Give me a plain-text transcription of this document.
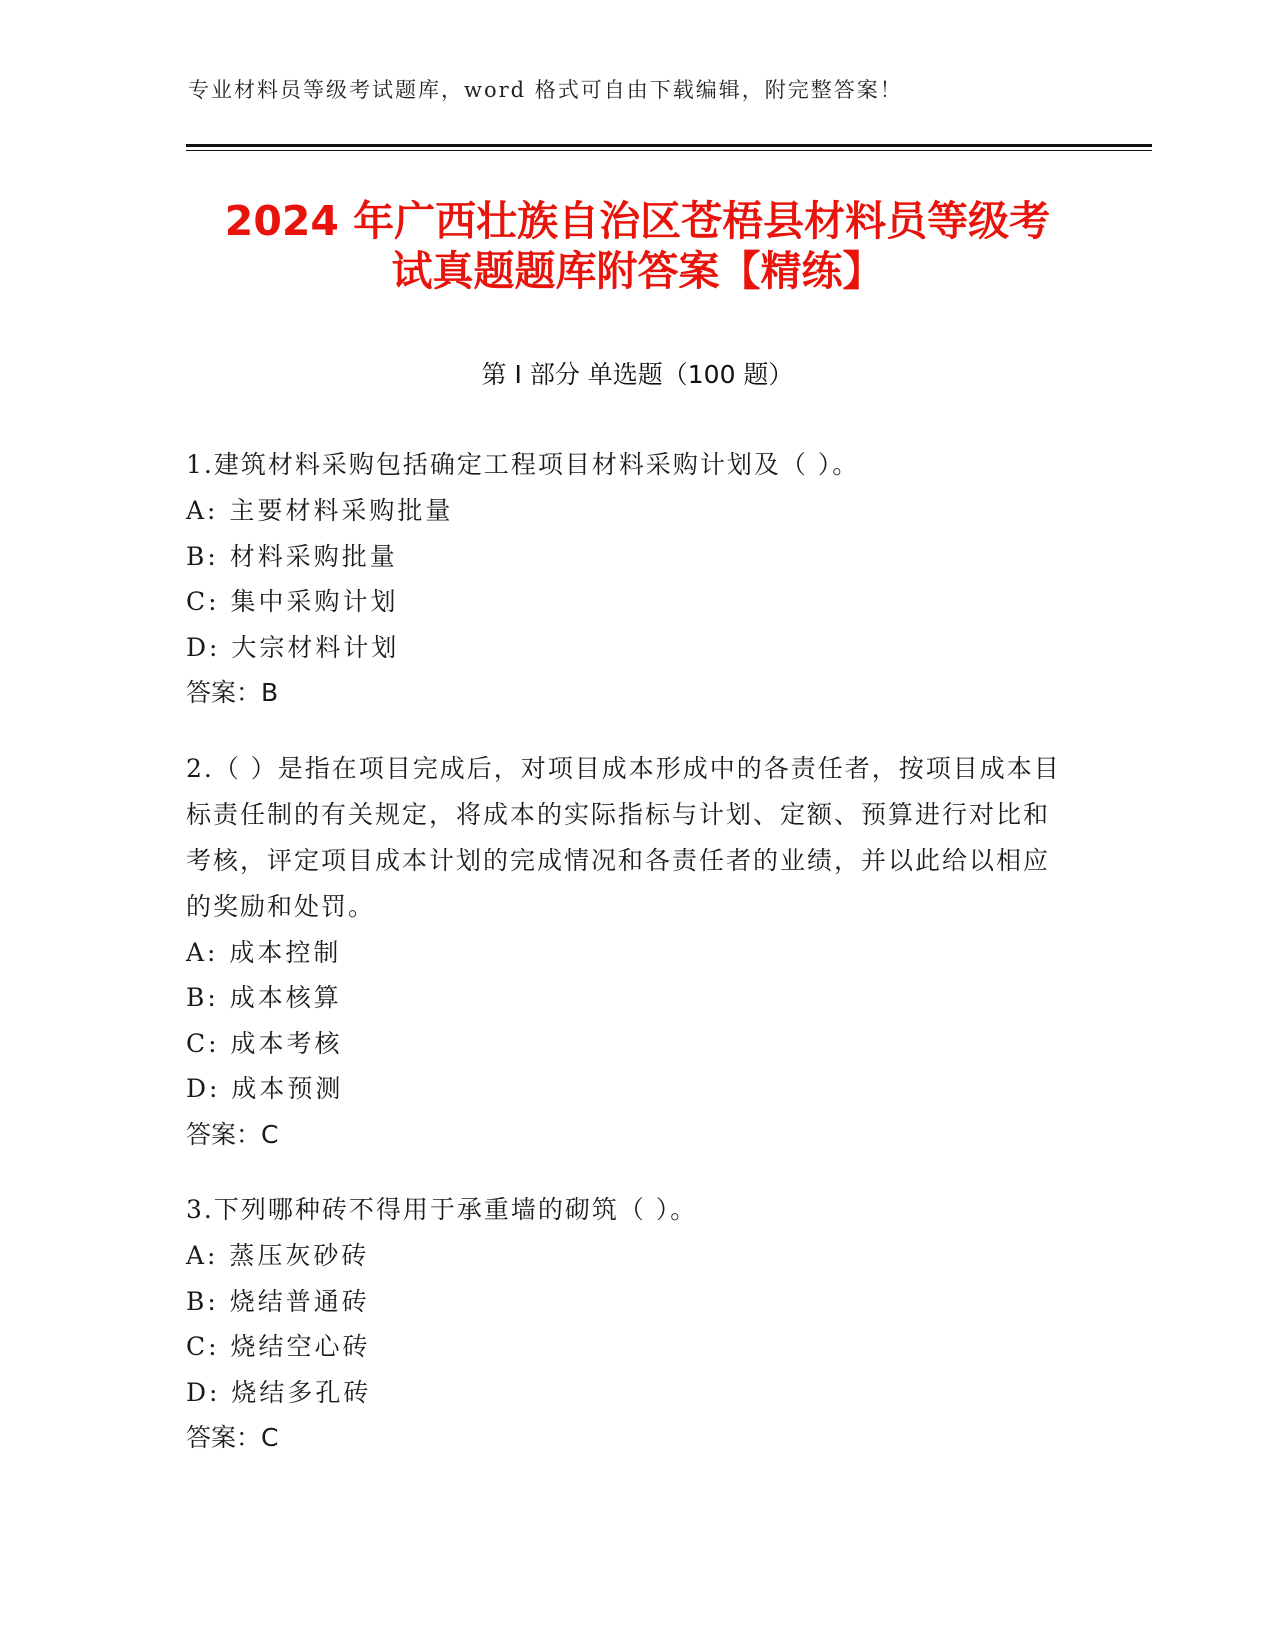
专业材料员等级考试题库，word 格式可自由下载编辑，附完整答案！
2024 年广西壮族自治区苍梧县材料员等级考
试真题题库附答案【精练】
第 I 部分 单选题（100 题）

1.建筑材料采购包括确定工程项目材料采购计划及（ ）。

A: 主要材料采购批量

B: 材料采购批量

C: 集中采购计划

D: 大宗材料计划

答案：B

2.（ ）是指在项目完成后，对项目成本形成中的各责任者，按项目成本目标责任制的有关规定，将成本的实际指标与计划、定额、预算进行对比和考核，评定项目成本计划的完成情况和各责任者的业绩，并以此给以相应的奖励和处罚。

A: 成本控制

B: 成本核算

C: 成本考核

D: 成本预测

答案：C

3.下列哪种砖不得用于承重墙的砌筑（ ）。

A: 蒸压灰砂砖

B: 烧结普通砖

C: 烧结空心砖

D: 烧结多孔砖

答案：C
